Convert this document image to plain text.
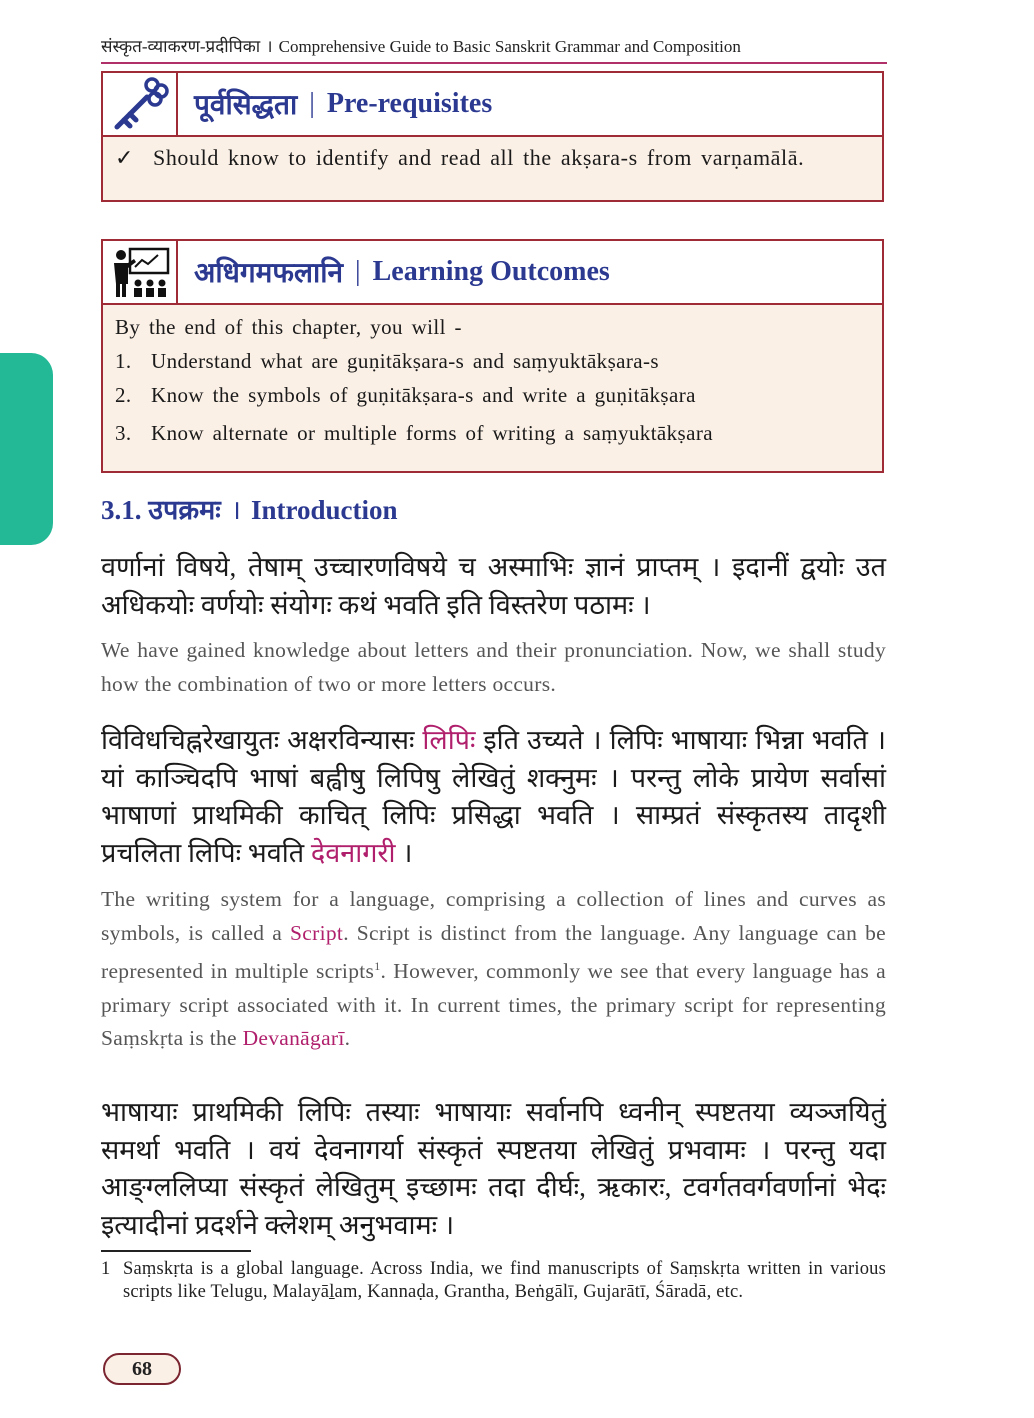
संस्कृत-व्याकरण-प्रदीपिका । Comprehensive Guide to Basic Sanskrit Grammar and Composition
पूर्वसिद्धता | Pre-requisites
✓ Should know to identify and read all the akṣara-s from varṇamālā.
अधिगमफलानि | Learning Outcomes
By the end of this chapter, you will -
1. Understand what are guṇitākṣara-s and saṃyuktākṣara-s
2. Know the symbols of guṇitākṣara-s and write a guṇitākṣara
3. Know alternate or multiple forms of writing a saṃyuktākṣara
3.1. उपक्रमः । Introduction

वर्णानां विषये, तेषाम् उच्चारणविषये च अस्माभिः ज्ञानं प्राप्तम् । इदानीं द्वयोः उत अधिकयोः वर्णयोः संयोगः कथं भवति इति विस्तरेण पठामः ।

We have gained knowledge about letters and their pronunciation. Now, we shall study how the combination of two or more letters occurs.

विविधचिह्नरेखायुतः अक्षरविन्यासः लिपिः इति उच्यते । लिपिः भाषायाः भिन्ना भवति । यां काञ्चिदपि भाषां बह्वीषु लिपिषु लेखितुं शक्नुमः । परन्तु लोके प्रायेण सर्वासां भाषाणां प्राथमिकी काचित् लिपिः प्रसिद्धा भवति । साम्प्रतं संस्कृतस्य तादृशी प्रचलिता लिपिः भवति देवनागरी ।

The writing system for a language, comprising a collection of lines and curves as symbols, is called a Script. Script is distinct from the language. Any language can be represented in multiple scripts$^1$. However, commonly we see that every language has a primary script associated with it. In current times, the primary script for representing Saṃskṛta is the Devanāgarī.

भाषायाः प्राथमिकी लिपिः तस्याः भाषायाः सर्वानपि ध्वनीन् स्पष्टतया व्यञ्जयितुं समर्था भवति । वयं देवनागर्या संस्कृतं स्पष्टतया लेखितुं प्रभवामः । परन्तु यदा आङ्ग्ललिप्या संस्कृतं लेखितुम् इच्छामः तदा दीर्घः, ऋकारः, टवर्गतवर्गवर्णानां भेदः इत्यादीनां प्रदर्शने क्लेशम् अनुभवामः ।

1 Saṃskṛta is a global language. Across India, we find manuscripts of Saṃskṛta written in various scripts like Telugu, Malayāḻam, Kannaḍa, Grantha, Beṅgālī, Gujarātī, Śāradā, etc.
68
